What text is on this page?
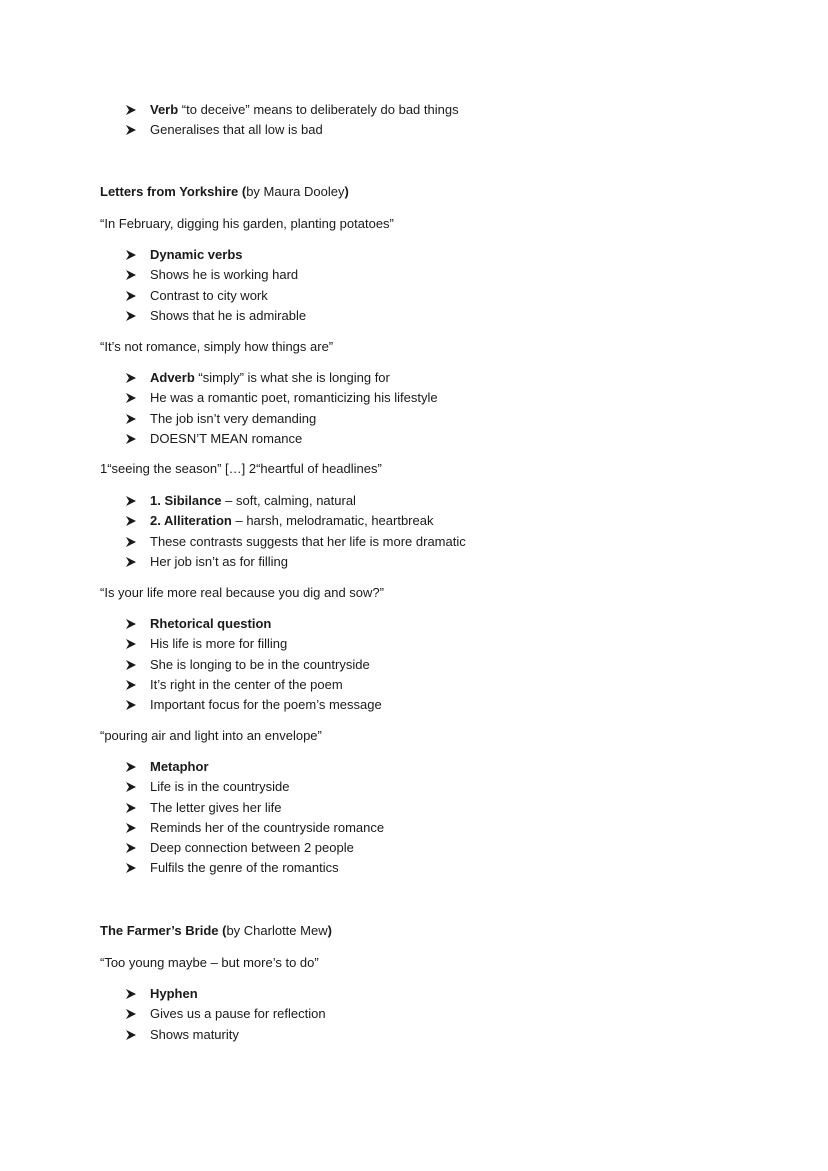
Verb “to deceive” means to deliberately do bad things
Generalises that all low is bad
Letters from Yorkshire (by Maura Dooley)
“In February, digging his garden, planting potatoes”
Dynamic verbs
Shows he is working hard
Contrast to city work
Shows that he is admirable
“It’s not romance, simply how things are”
Adverb “simply” is what she is longing for
He was a romantic poet, romanticizing his lifestyle
The job isn’t very demanding
DOESN’T MEAN romance
1“seeing the season” […] 2“heartful of headlines”
1. Sibilance – soft, calming, natural
2. Alliteration – harsh, melodramatic, heartbreak
These contrasts suggests that her life is more dramatic
Her job isn’t as for filling
“Is your life more real because you dig and sow?”
Rhetorical question
His life is more for filling
She is longing to be in the countryside
It’s right in the center of the poem
Important focus for the poem’s message
“pouring air and light into an envelope”
Metaphor
Life is in the countryside
The letter gives her life
Reminds her of the countryside romance
Deep connection between 2 people
Fulfils the genre of the romantics
The Farmer’s Bride (by Charlotte Mew)
“Too young maybe – but more’s to do”
Hyphen
Gives us a pause for reflection
Shows maturity
